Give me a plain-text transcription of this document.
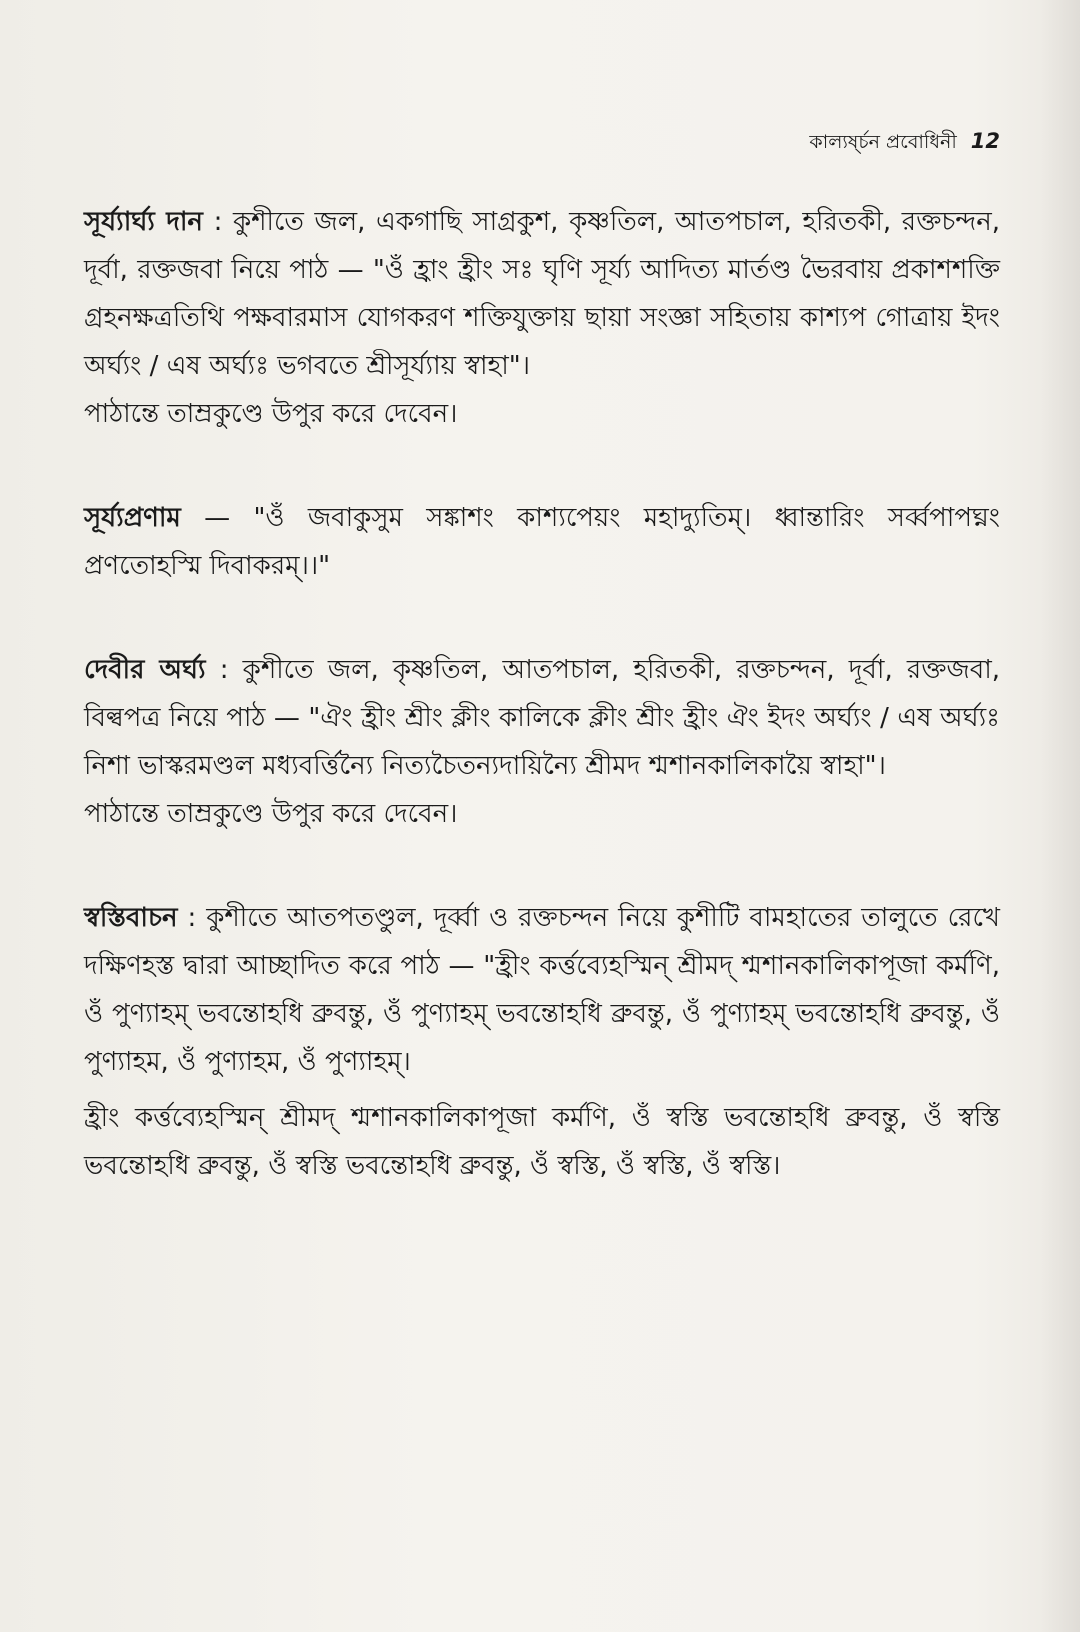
কাল্যর্ষ্চন প্রবোধিনী 12

সূর্য্যার্ঘ্য দান : কুশীতে জল, একগাছি সাগ্রকুশ, কৃষ্ণতিল, আতপচাল, হরিতকী, রক্তচন্দন, দূর্বা, রক্তজবা নিয়ে পাঠ — "ওঁ হ্রাং হ্রীং সঃ ঘৃণি সূর্য্য আদিত্য মার্তণ্ড ভৈরবায় প্রকাশশক্তি গ্রহনক্ষত্রতিথি পক্ষবারমাস যোগকরণ শক্তিযুক্তায় ছায়া সংজ্ঞা সহিতায় কাশ্যপ গোত্রায় ইদং অর্ঘ্যং / এষ অর্ঘ্যঃ ভগবতে শ্রীসূর্য্যায় স্বাহা"।

পাঠান্তে তাম্রকুণ্ডে উপুর করে দেবেন।

সূর্য্যপ্রণাম — "ওঁ জবাকুসুম সঙ্কাশং কাশ্যপেয়ং মহাদ্যুতিম্। ধ্বান্তারিং সর্ব্বপাপঘ্নং প্রণতোহস্মি দিবাকরম্।।"

দেবীর অর্ঘ্য : কুশীতে জল, কৃষ্ণতিল, আতপচাল, হরিতকী, রক্তচন্দন, দূর্বা, রক্তজবা, বিল্বপত্র নিয়ে পাঠ — "ঐং হ্রীং শ্রীং ক্লীং কালিকে ক্লীং শ্রীং হ্রীং ঐং ইদং অর্ঘ্যং / এষ অর্ঘ্যঃ নিশা ভাস্করমণ্ডল মধ্যবর্ত্তিন্যৈ নিত্যচৈতন্যদায়িন্যৈ শ্রীমদ শ্মশানকালিকায়ৈ স্বাহা"।

পাঠান্তে তাম্রকুণ্ডে উপুর করে দেবেন।

স্বস্তিবাচন : কুশীতে আতপতণ্ডুল, দূর্ব্বা ও রক্তচন্দন নিয়ে কুশীটি বামহাতের তালুতে রেখে দক্ষিণহস্ত দ্বারা আচ্ছাদিত করে পাঠ — "হ্রীং কর্ত্তব্যেহস্মিন্ শ্রীমদ্ শ্মশানকালিকাপূজা কর্মণি, ওঁ পুণ্যাহম্ ভবন্তোহধি ব্রুবন্তু, ওঁ পুণ্যাহম্ ভবন্তোহধি ব্রুবন্তু, ওঁ পুণ্যাহম্ ভবন্তোহধি ব্রুবন্তু, ওঁ পুণ্যাহম, ওঁ পুণ্যাহম, ওঁ পুণ্যাহম্।

হ্রীং কর্ত্তব্যেহস্মিন্ শ্রীমদ্ শ্মশানকালিকাপূজা কর্মণি, ওঁ স্বস্তি ভবন্তোহধি ব্রুবন্তু, ওঁ স্বস্তি ভবন্তোহধি ব্রুবন্তু, ওঁ স্বস্তি ভবন্তোহধি ব্রুবন্তু, ওঁ স্বস্তি, ওঁ স্বস্তি, ওঁ স্বস্তি।
